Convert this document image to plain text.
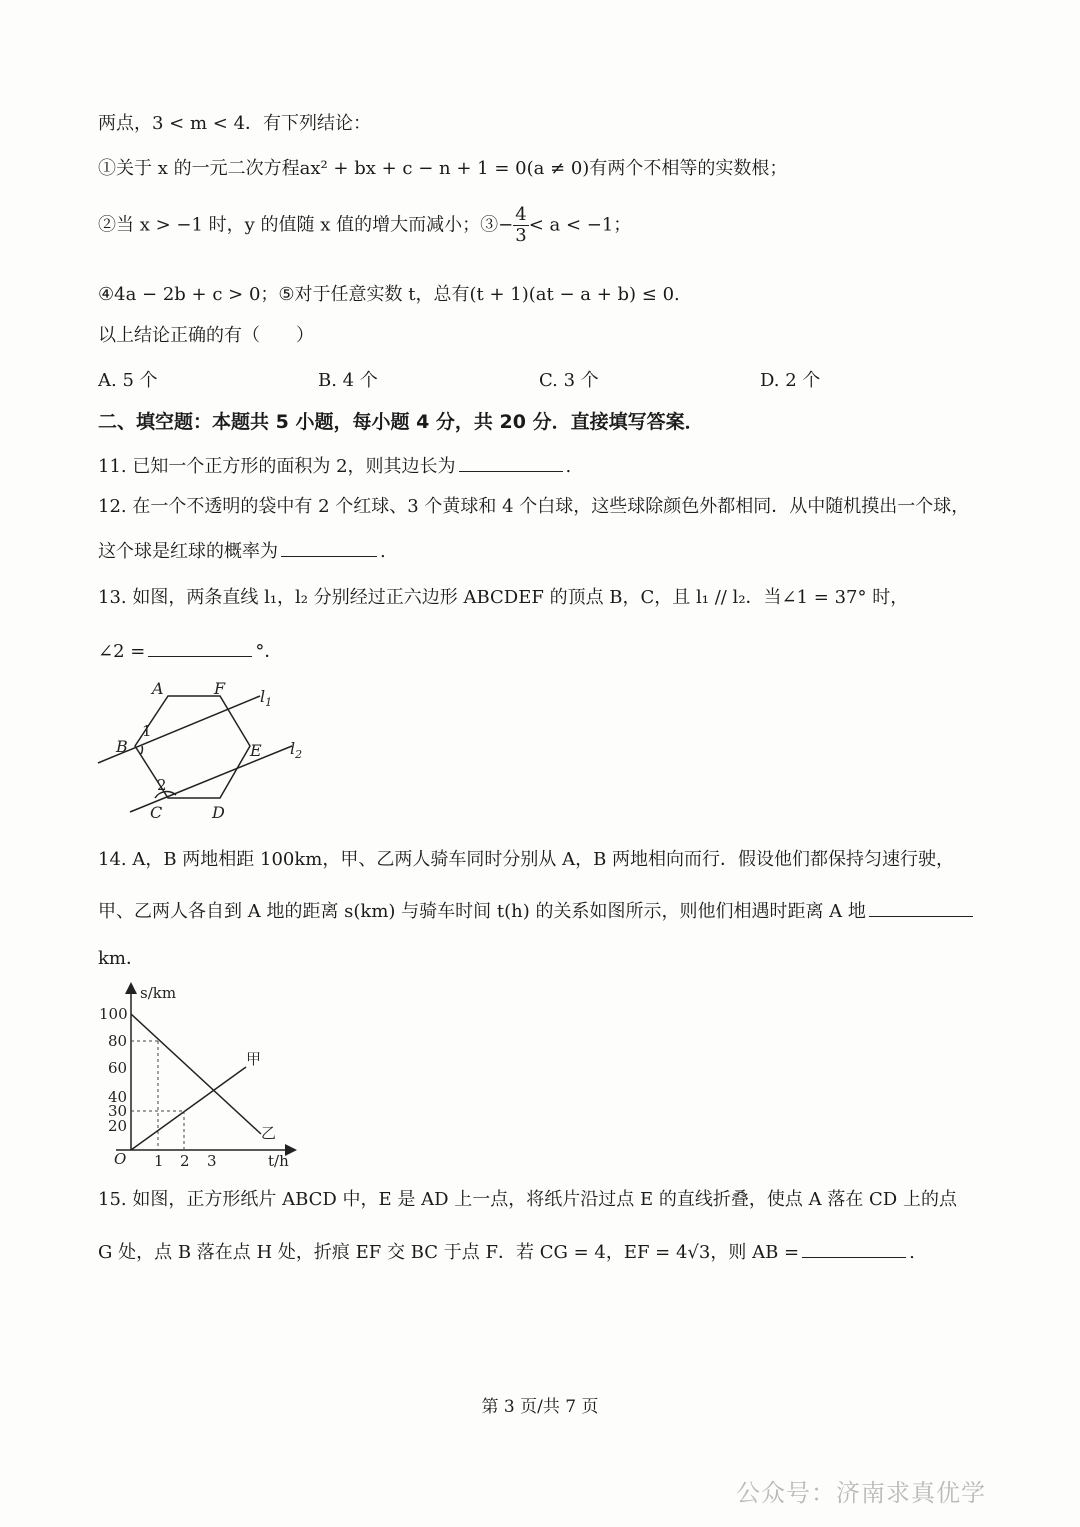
两点，3 < m < 4．有下列结论：
①关于 x 的一元二次方程ax² + bx + c − n + 1 = 0(a ≠ 0)有两个不相等的实数根；
②当 x > −1 时，y 的值随 x 值的增大而减小；③− $\frac{4}{3} < a < -1$；
④4a − 2b + c > 0；⑤对于任意实数 t，总有(t + 1)(at − a + b) ≤ 0.
以上结论正确的有（　　）
A. 5 个	B. 4 个	C. 3 个	D. 2 个
二、填空题：本题共 5 小题，每小题 4 分，共 20 分．直接填写答案．
11. 已知一个正方形的面积为 2，则其边长为	.
12. 在一个不透明的袋中有 2 个红球、3 个黄球和 4 个白球，这些球除颜色外都相同．从中随机摸出一个球，
这个球是红球的概率为	.
13. 如图，两条直线 l₁，l₂ 分别经过正六边形 ABCDEF 的顶点 B，C，且 l₁ // l₂．当∠1 = 37° 时，
∠2 =	°．
A	F
B	E
C	D
$l_1$
$l_2$
1
2
14. A，B 两地相距 100km，甲、乙两人骑车同时分别从 A，B 两地相向而行．假设他们都保持匀速行驶，
甲、乙两人各自到 A 地的距离 s(km) 与骑车时间 t(h) 的关系如图所示，则他们相遇时距离 A 地
km．
s/km
t/h
O
100
80
60
40
30
20
1 2 3
甲
乙
15. 如图，正方形纸片 ABCD 中，E 是 AD 上一点，将纸片沿过点 E 的直线折叠，使点 A 落在 CD 上的点
G 处，点 B 落在点 H 处，折痕 EF 交 BC 于点 F．若 CG = 4，EF = 4√3，则 AB =	.
第 3 页/共 7 页
公众号：济南求真优学
